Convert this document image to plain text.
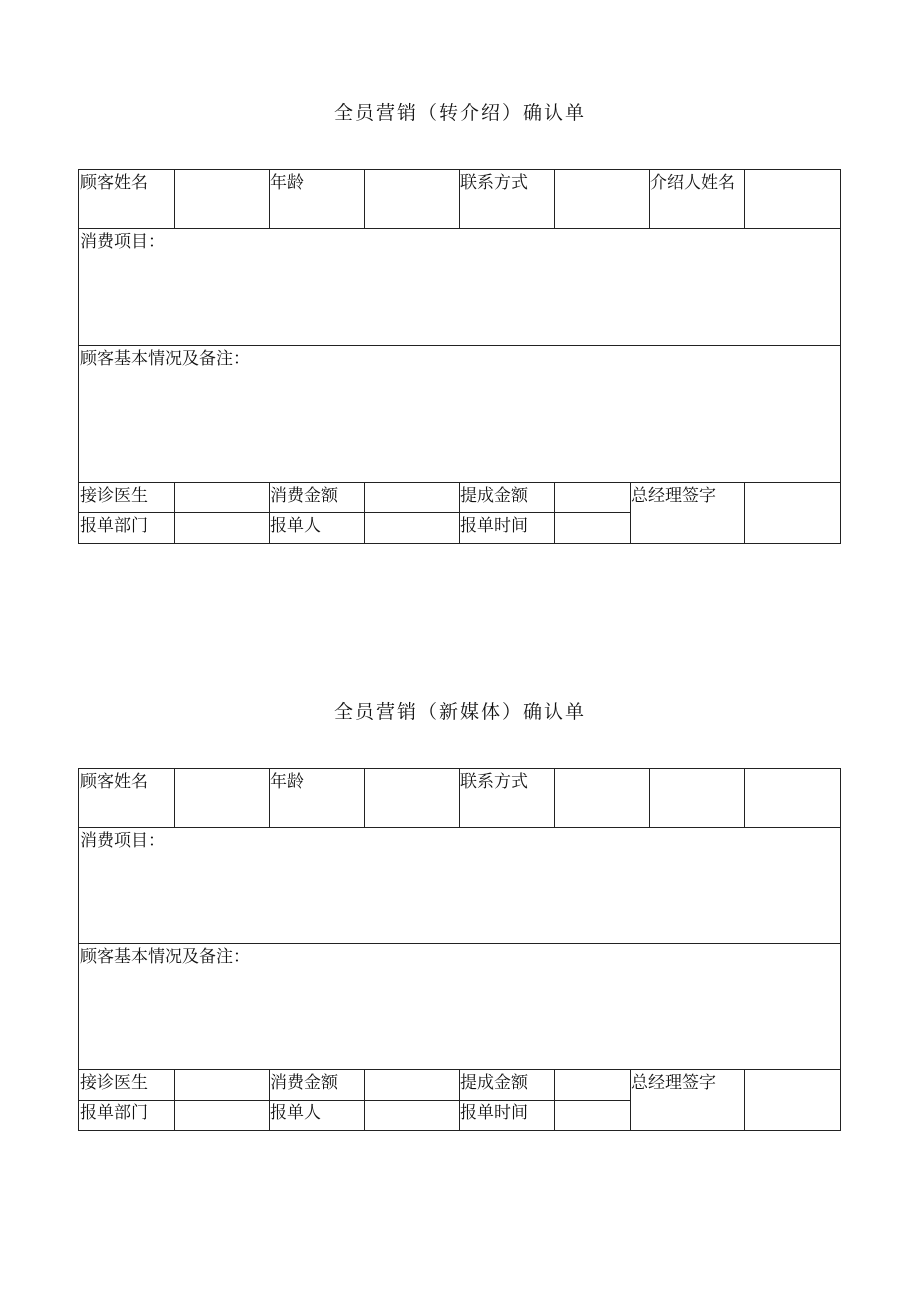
全员营销（转介绍）确认单
顾客姓名	年龄	联系方式	介绍人姓名
消费项目：
顾客基本情况及备注：
接诊医生	消费金额	提成金额	总经理签字
报单部门	报单人	报单时间
全员营销（新媒体）确认单
顾客姓名	年龄	联系方式
消费项目：
顾客基本情况及备注：
接诊医生	消费金额	提成金额	总经理签字
报单部门	报单人	报单时间
